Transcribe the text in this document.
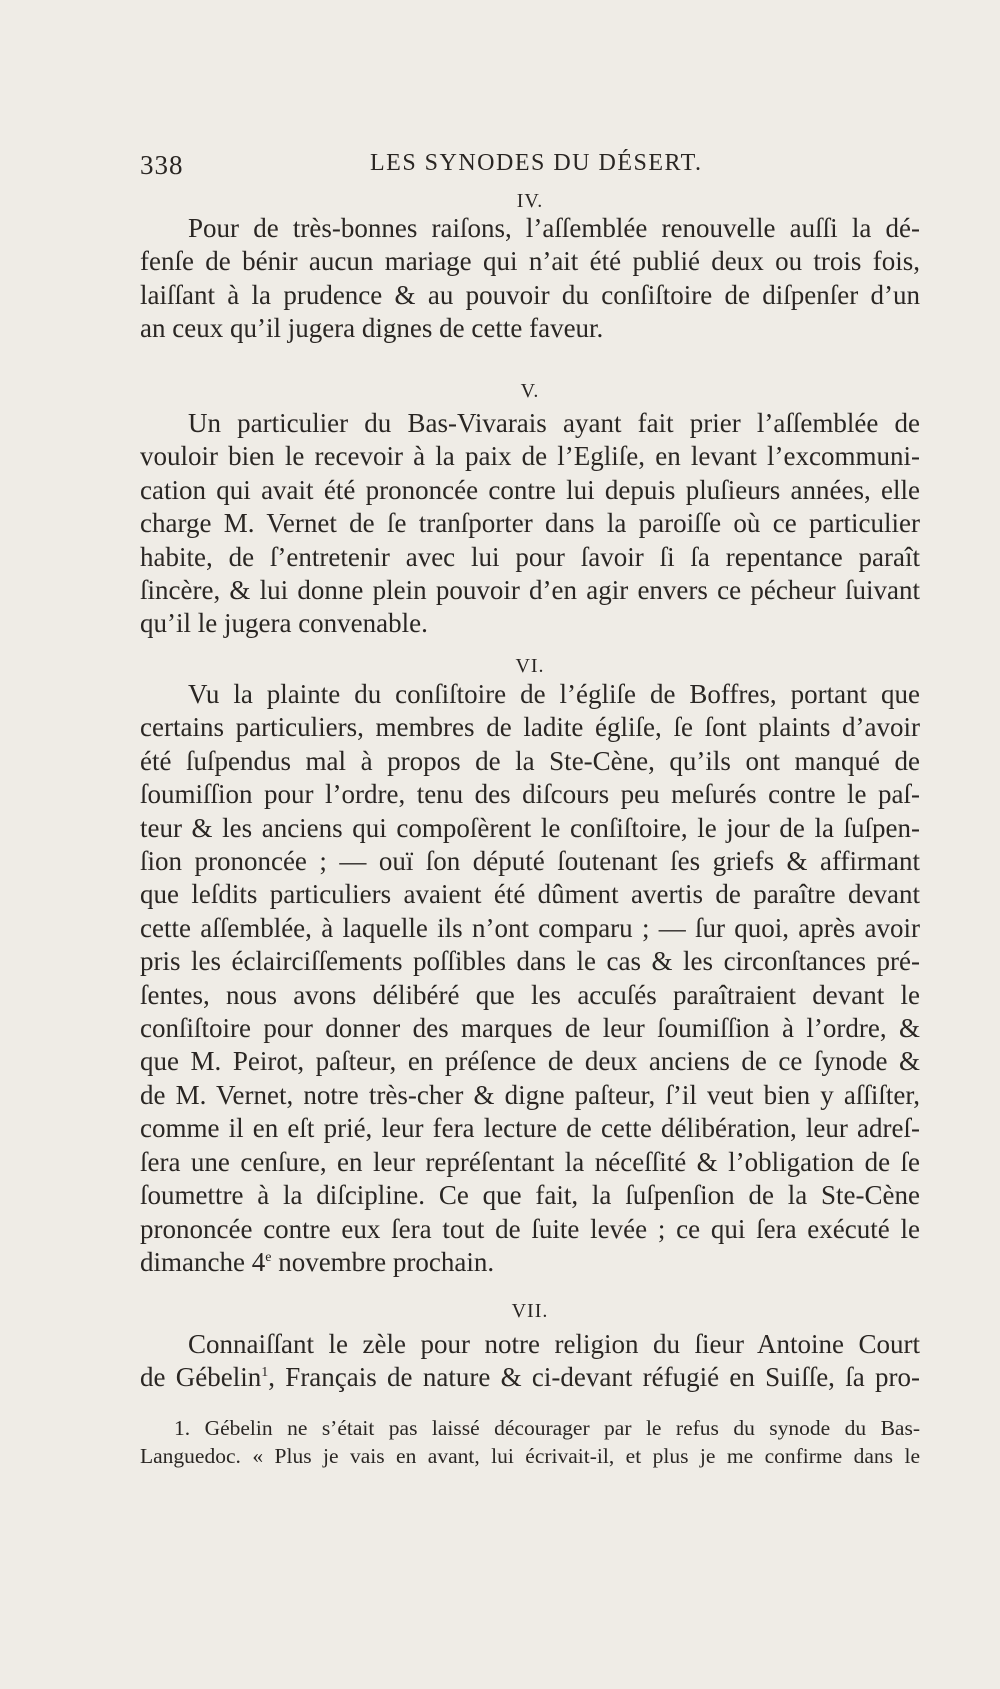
338	LES SYNODES DU DÉSERT.
IV.
Pour de très-bonnes raiſons, l’aſſemblée renouvelle auſſi la dé-
fenſe de bénir aucun mariage qui n’ait été publié deux ou trois fois,
laiſſant à la prudence & au pouvoir du conſiſtoire de diſpenſer d’un
an ceux qu’il jugera dignes de cette faveur.
V.
Un particulier du Bas-Vivarais ayant fait prier l’aſſemblée de
vouloir bien le recevoir à la paix de l’Egliſe, en levant l’excommuni-
cation qui avait été prononcée contre lui depuis pluſieurs années, elle
charge M. Vernet de ſe tranſporter dans la paroiſſe où ce particulier
habite, de ſ’entretenir avec lui pour ſavoir ſi ſa repentance paraît
ſincère, & lui donne plein pouvoir d’en agir envers ce pécheur ſuivant
qu’il le jugera convenable.
VI.
Vu la plainte du conſiſtoire de l’égliſe de Boffres, portant que
certains particuliers, membres de ladite égliſe, ſe ſont plaints d’avoir
été ſuſpendus mal à propos de la Ste-Cène, qu’ils ont manqué de
ſoumiſſion pour l’ordre, tenu des diſcours peu meſurés contre le paſ-
teur & les anciens qui compoſèrent le conſiſtoire, le jour de la ſuſpen-
ſion prononcée ; — ouï ſon député ſoutenant ſes griefs & affirmant
que leſdits particuliers avaient été dûment avertis de paraître devant
cette aſſemblée, à laquelle ils n’ont comparu ; — ſur quoi, après avoir
pris les éclairciſſements poſſibles dans le cas & les circonſtances pré-
ſentes, nous avons délibéré que les accuſés paraîtraient devant le
conſiſtoire pour donner des marques de leur ſoumiſſion à l’ordre, &
que M. Peirot, paſteur, en préſence de deux anciens de ce ſynode &
de M. Vernet, notre très-cher & digne paſteur, ſ’il veut bien y aſſiſter,
comme il en eſt prié, leur fera lecture de cette délibération, leur adreſ-
ſera une cenſure, en leur repréſentant la néceſſité & l’obligation de ſe
ſoumettre à la diſcipline. Ce que fait, la ſuſpenſion de la Ste-Cène
prononcée contre eux ſera tout de ſuite levée ; ce qui ſera exécuté le
dimanche 4e novembre prochain.
VII.
Connaiſſant le zèle pour notre religion du ſieur Antoine Court
de Gébelin$^1$, Français de nature & ci-devant réfugié en Suiſſe, ſa pro-
1. Gébelin ne s’était pas laissé décourager par le refus du synode du Bas-
Languedoc. « Plus je vais en avant, lui écrivait-il, et plus je me confirme dans le
